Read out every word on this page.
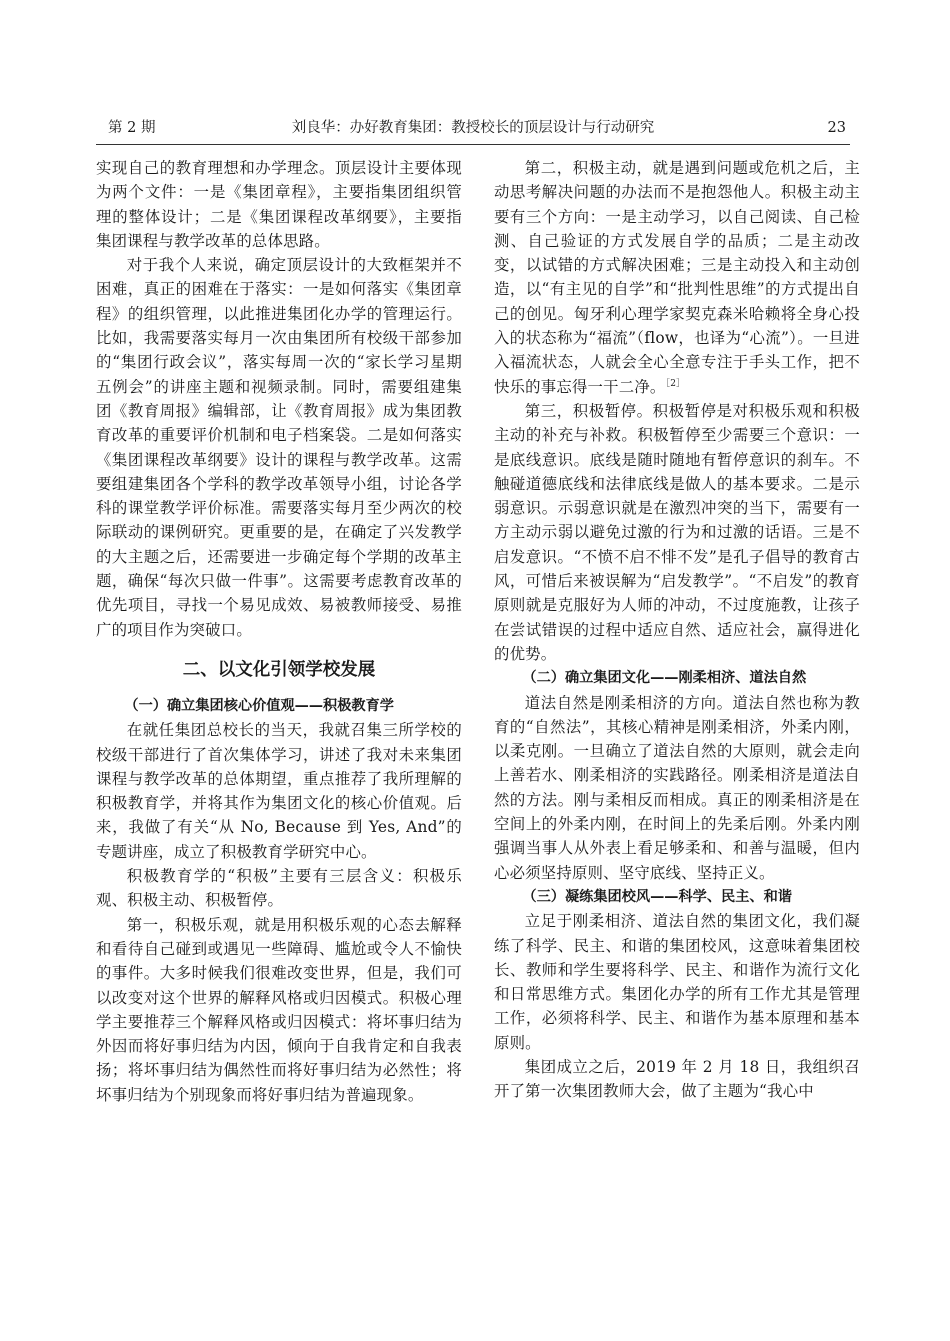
第 2 期	刘良华：办好教育集团：教授校长的顶层设计与行动研究	23

实现自己的教育理想和办学理念。顶层设计主要体现为两个文件：一是《集团章程》，主要指集团组织管理的整体设计；二是《集团课程改革纲要》，主要指集团课程与教学改革的总体思路。

对于我个人来说，确定顶层设计的大致框架并不困难，真正的困难在于落实：一是如何落实《集团章程》的组织管理，以此推进集团化办学的管理运行。比如，我需要落实每月一次由集团所有校级干部参加的“集团行政会议”，落实每周一次的“家长学习星期五例会”的讲座主题和视频录制。同时，需要组建集团《教育周报》编辑部，让《教育周报》成为集团教育改革的重要评价机制和电子档案袋。二是如何落实《集团课程改革纲要》设计的课程与教学改革。这需要组建集团各个学科的教学改革领导小组，讨论各学科的课堂教学评价标准。需要落实每月至少两次的校际联动的课例研究。更重要的是，在确定了兴发教学的大主题之后，还需要进一步确定每个学期的改革主题，确保“每次只做一件事”。这需要考虑教育改革的优先项目，寻找一个易见成效、易被教师接受、易推广的项目作为突破口。

二、以文化引领学校发展
（一）确立集团核心价值观——积极教育学

在就任集团总校长的当天，我就召集三所学校的校级干部进行了首次集体学习，讲述了我对未来集团课程与教学改革的总体期望，重点推荐了我所理解的积极教育学，并将其作为集团文化的核心价值观。后来，我做了有关“从 No, Because 到 Yes, And”的专题讲座，成立了积极教育学研究中心。

积极教育学的“积极”主要有三层含义：积极乐观、积极主动、积极暂停。

第一，积极乐观，就是用积极乐观的心态去解释和看待自己碰到或遇见一些障碍、尴尬或令人不愉快的事件。大多时候我们很难改变世界，但是，我们可以改变对这个世界的解释风格或归因模式。积极心理学主要推荐三个解释风格或归因模式：将坏事归结为外因而将好事归结为内因，倾向于自我肯定和自我表扬；将坏事归结为偶然性而将好事归结为必然性；将坏事归结为个别现象而将好事归结为普遍现象。

第二，积极主动，就是遇到问题或危机之后，主动思考解决问题的办法而不是抱怨他人。积极主动主要有三个方向：一是主动学习，以自己阅读、自己检测、自己验证的方式发展自学的品质；二是主动改变，以试错的方式解决困难；三是主动投入和主动创造，以“有主见的自学”和“批判性思维”的方式提出自己的创见。匈牙利心理学家契克森米哈赖将全身心投入的状态称为“福流”（flow，也译为“心流”）。一旦进入福流状态，人就会全心全意专注于手头工作，把不快乐的事忘得一干二净。$^{[2]}$

第三，积极暂停。积极暂停是对积极乐观和积极主动的补充与补救。积极暂停至少需要三个意识：一是底线意识。底线是随时随地有暂停意识的刹车。不触碰道德底线和法律底线是做人的基本要求。二是示弱意识。示弱意识就是在激烈冲突的当下，需要有一方主动示弱以避免过激的行为和过激的话语。三是不启发意识。“不愤不启不悱不发”是孔子倡导的教育古风，可惜后来被误解为“启发教学”。“不启发”的教育原则就是克服好为人师的冲动，不过度施教，让孩子在尝试错误的过程中适应自然、适应社会，赢得进化的优势。

（二）确立集团文化——刚柔相济、道法自然

道法自然是刚柔相济的方向。道法自然也称为教育的“自然法”，其核心精神是刚柔相济，外柔内刚，以柔克刚。一旦确立了道法自然的大原则，就会走向上善若水、刚柔相济的实践路径。刚柔相济是道法自然的方法。刚与柔相反而相成。真正的刚柔相济是在空间上的外柔内刚，在时间上的先柔后刚。外柔内刚强调当事人从外表上看足够柔和、和善与温暖，但内心必须坚持原则、坚守底线、坚持正义。

（三）凝练集团校风——科学、民主、和谐

立足于刚柔相济、道法自然的集团文化，我们凝练了科学、民主、和谐的集团校风，这意味着集团校长、教师和学生要将科学、民主、和谐作为流行文化和日常思维方式。集团化办学的所有工作尤其是管理工作，必须将科学、民主、和谐作为基本原理和基本原则。

集团成立之后，2019 年 2 月 18 日，我组织召开了第一次集团教师大会，做了主题为“我心中
